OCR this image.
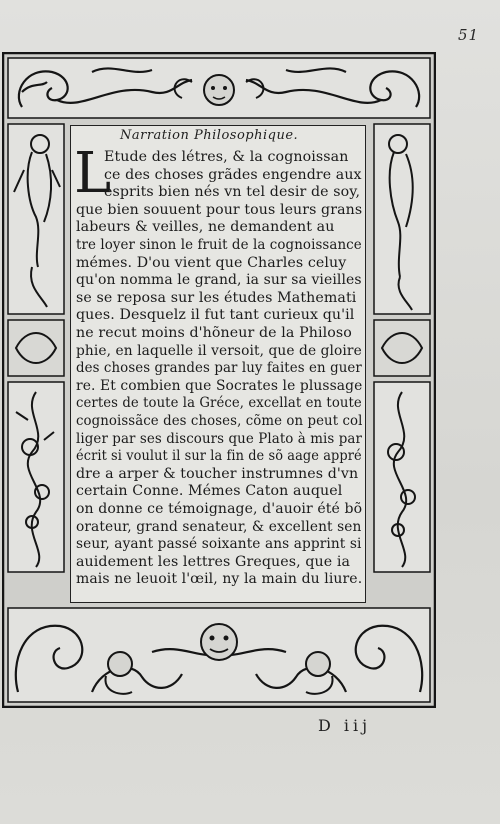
51
Narration Philosophique.
L
Etude des létres, & la cognoissan
ce des choses grãdes engendre aux
esprits bien nés vn tel desir de soy,
que bien souuent pour tous leurs grans
labeurs & veilles, ne demandent au
tre loyer sinon le fruit de la cognoissance
mémes. D'ou vient que Charles celuy
qu'on nomma le grand, ia sur sa vieilles
se se reposa sur les études Mathemati
ques. Desquelz il fut tant curieux qu'il
ne recut moins d'hõneur de la Philoso
phie, en laquelle il versoit, que de gloire
des choses grandes par luy faites en guer
re. Et combien que Socrates le plussage
certes de toute la Gréce, excellat en toute
cognoissãce des choses, cõme on peut col
liger par ses discours que Plato à mis par
écrit si voulut il sur la fin de sõ aage appré
dre a arper & toucher instrumnes d'vn
certain Conne. Mémes Caton auquel
on donne ce témoignage, d'auoir été bõ
orateur, grand senateur, & excellent sen
seur, ayant passé soixante ans apprint si
auidement les lettres Greques, que ia
mais ne leuoit l'œil, ny la main du liure.
D iij
